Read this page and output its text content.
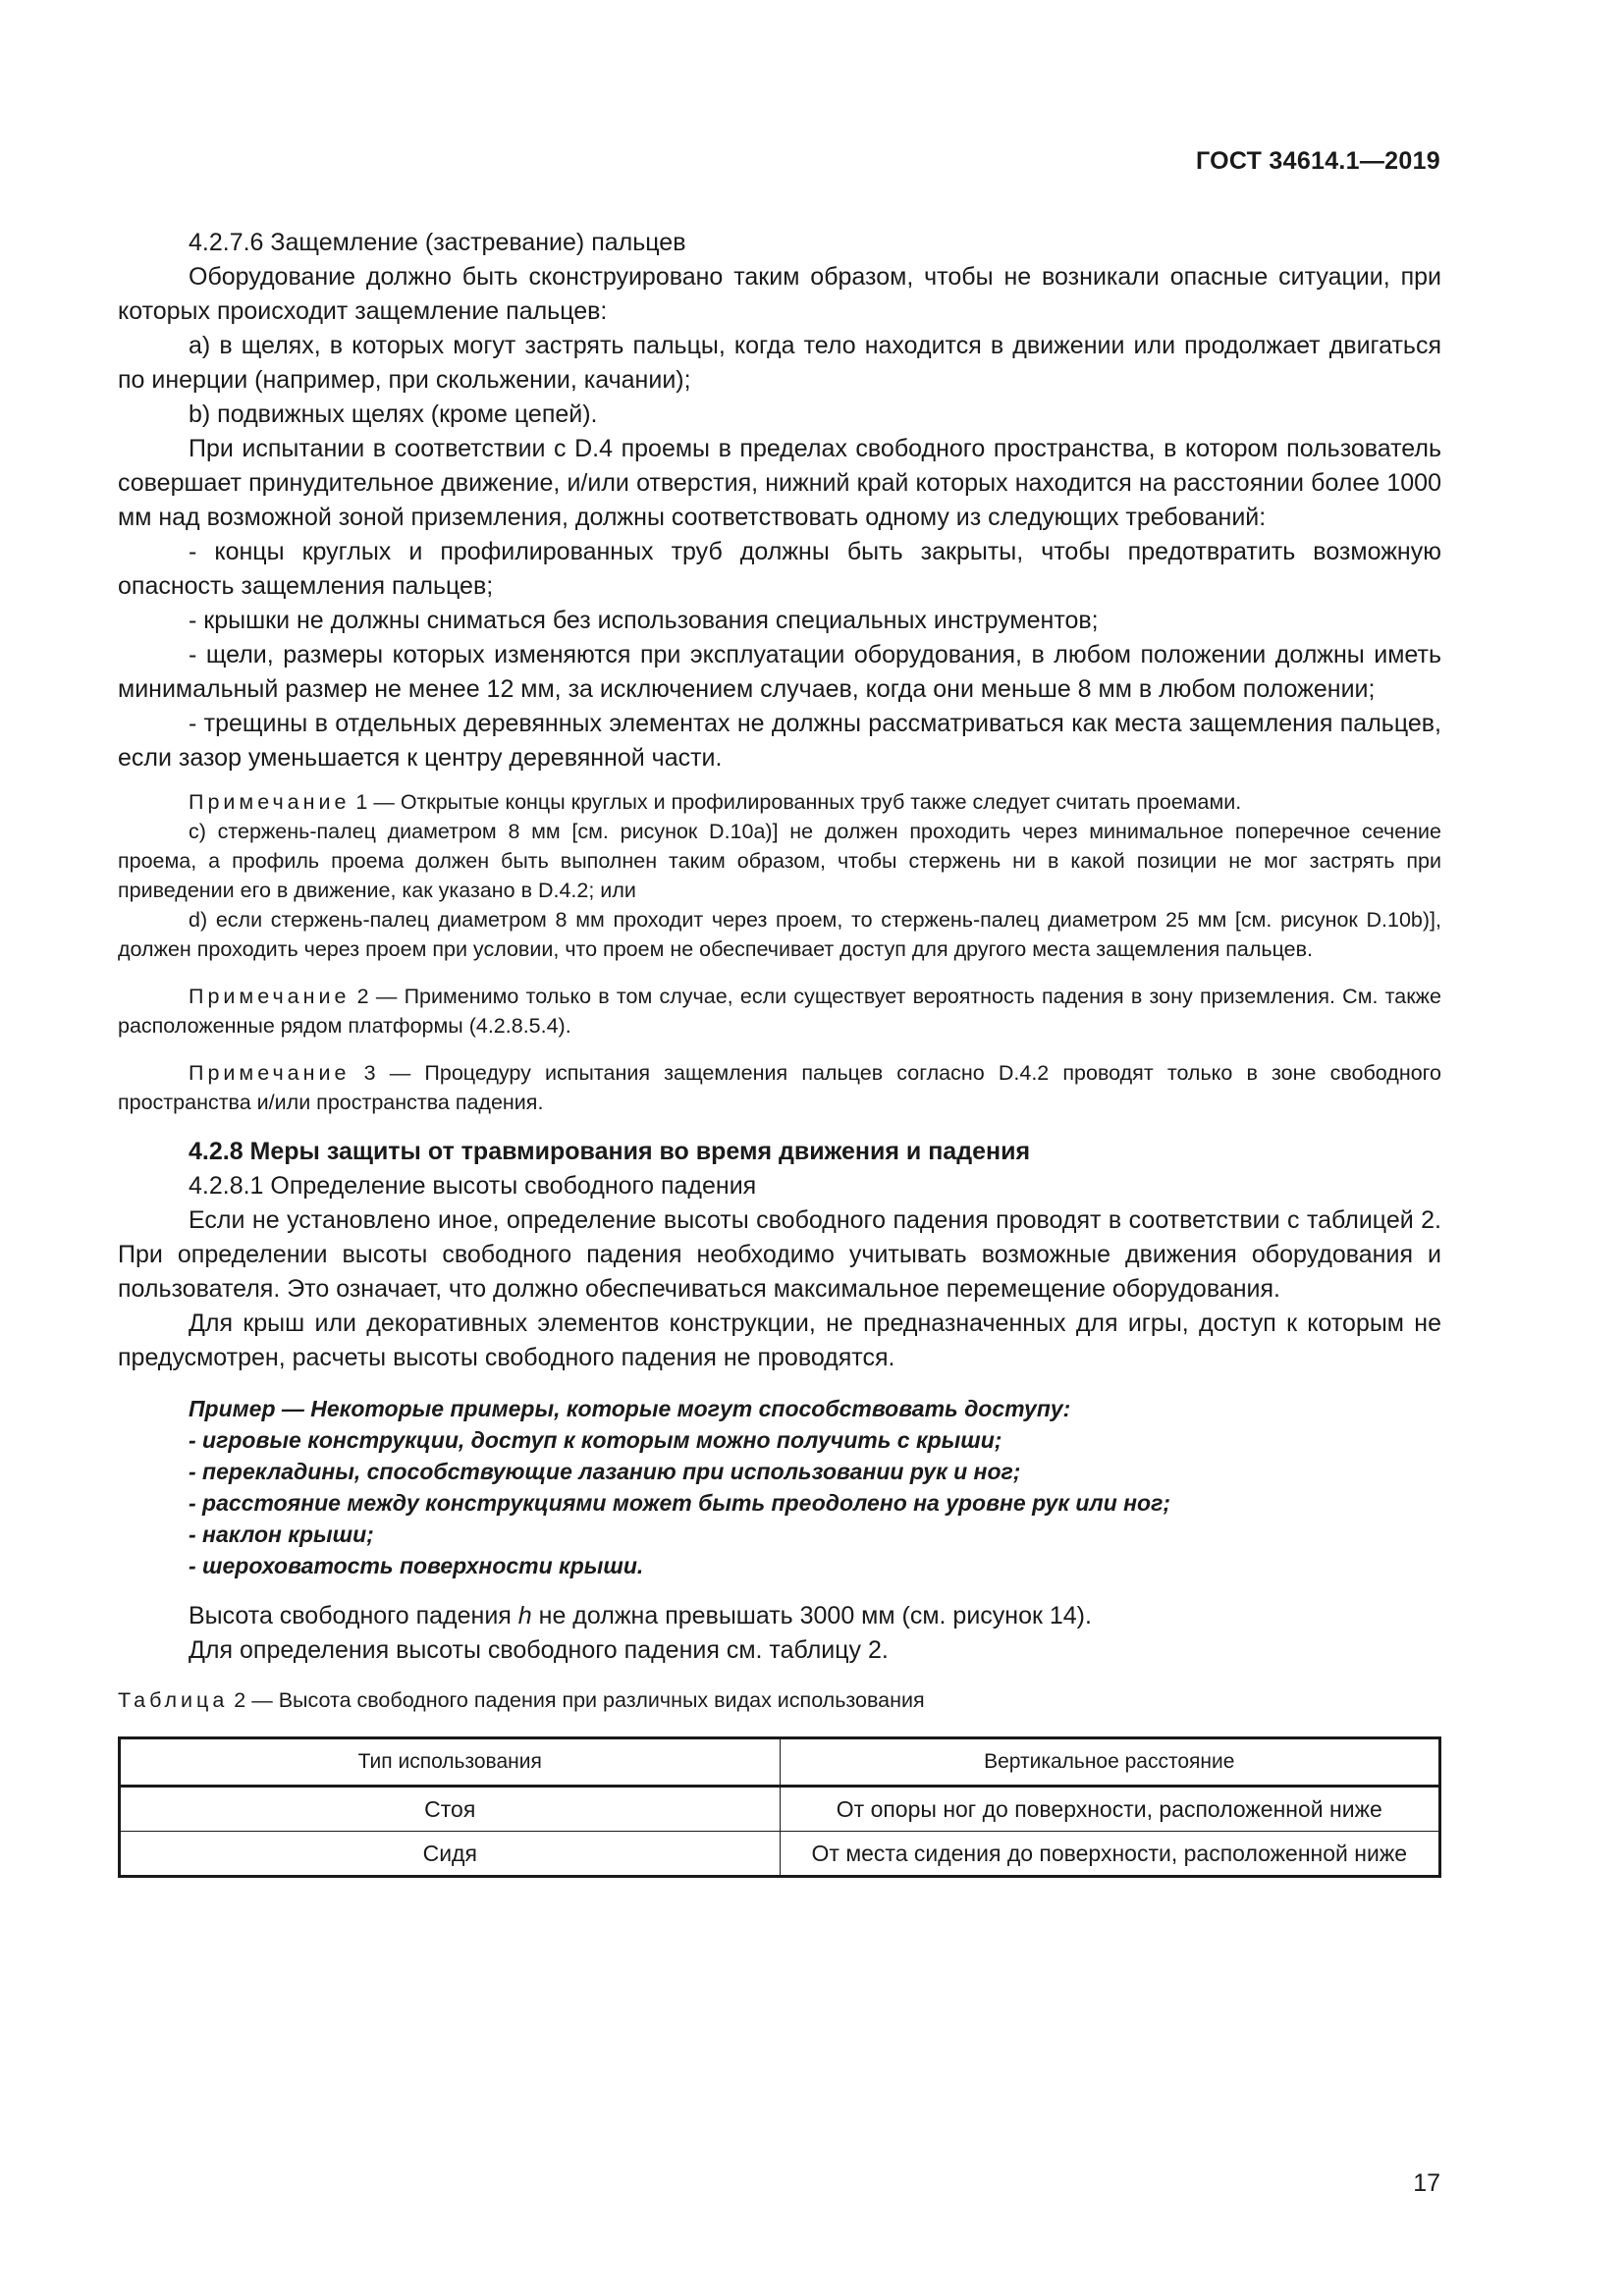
ГОСТ 34614.1—2019

4.2.7.6 Защемление (застревание) пальцев

Оборудование должно быть сконструировано таким образом, чтобы не возникали опасные ситуации, при которых происходит защемление пальцев:

a) в щелях, в которых могут застрять пальцы, когда тело находится в движении или продолжает двигаться по инерции (например, при скольжении, качании);

b) подвижных щелях (кроме цепей).

При испытании в соответствии с D.4 проемы в пределах свободного пространства, в котором пользователь совершает принудительное движение, и/или отверстия, нижний край которых находится на расстоянии более 1000 мм над возможной зоной приземления, должны соответствовать одному из следующих требований:

- концы круглых и профилированных труб должны быть закрыты, чтобы предотвратить возможную опасность защемления пальцев;

- крышки не должны сниматься без использования специальных инструментов;

- щели, размеры которых изменяются при эксплуатации оборудования, в любом положении должны иметь минимальный размер не менее 12 мм, за исключением случаев, когда они меньше 8 мм в любом положении;

- трещины в отдельных деревянных элементах не должны рассматриваться как места защемления пальцев, если зазор уменьшается к центру деревянной части.

Примечание 1 — Открытые концы круглых и профилированных труб также следует считать проемами.

c) стержень-палец диаметром 8 мм [см. рисунок D.10а)] не должен проходить через минимальное поперечное сечение проема, а профиль проема должен быть выполнен таким образом, чтобы стержень ни в какой позиции не мог застрять при приведении его в движение, как указано в D.4.2; или

d) если стержень-палец диаметром 8 мм проходит через проем, то стержень-палец диаметром 25 мм [см. рисунок D.10b)], должен проходить через проем при условии, что проем не обеспечивает доступ для другого места защемления пальцев.

Примечание 2 — Применимо только в том случае, если существует вероятность падения в зону приземления. См. также расположенные рядом платформы (4.2.8.5.4).

Примечание 3 — Процедуру испытания защемления пальцев согласно D.4.2 проводят только в зоне свободного пространства и/или пространства падения.

4.2.8 Меры защиты от травмирования во время движения и падения

4.2.8.1 Определение высоты свободного падения

Если не установлено иное, определение высоты свободного падения проводят в соответствии с таблицей 2. При определении высоты свободного падения необходимо учитывать возможные движения оборудования и пользователя. Это означает, что должно обеспечиваться максимальное перемещение оборудования.

Для крыш или декоративных элементов конструкции, не предназначенных для игры, доступ к которым не предусмотрен, расчеты высоты свободного падения не проводятся.

Пример — Некоторые примеры, которые могут способствовать доступу:

- игровые конструкции, доступ к которым можно получить с крыши;

- перекладины, способствующие лазанию при использовании рук и ног;

- расстояние между конструкциями может быть преодолено на уровне рук или ног;

- наклон крыши;

- шероховатость поверхности крыши.

Высота свободного падения h не должна превышать 3000 мм (см. рисунок 14).

Для определения высоты свободного падения см. таблицу 2.

Таблица 2 — Высота свободного падения при различных видах использования

Тип использования	Вертикальное расстояние
Стоя	От опоры ног до поверхности, расположенной ниже
Сидя	От места сидения до поверхности, расположенной ниже
17
